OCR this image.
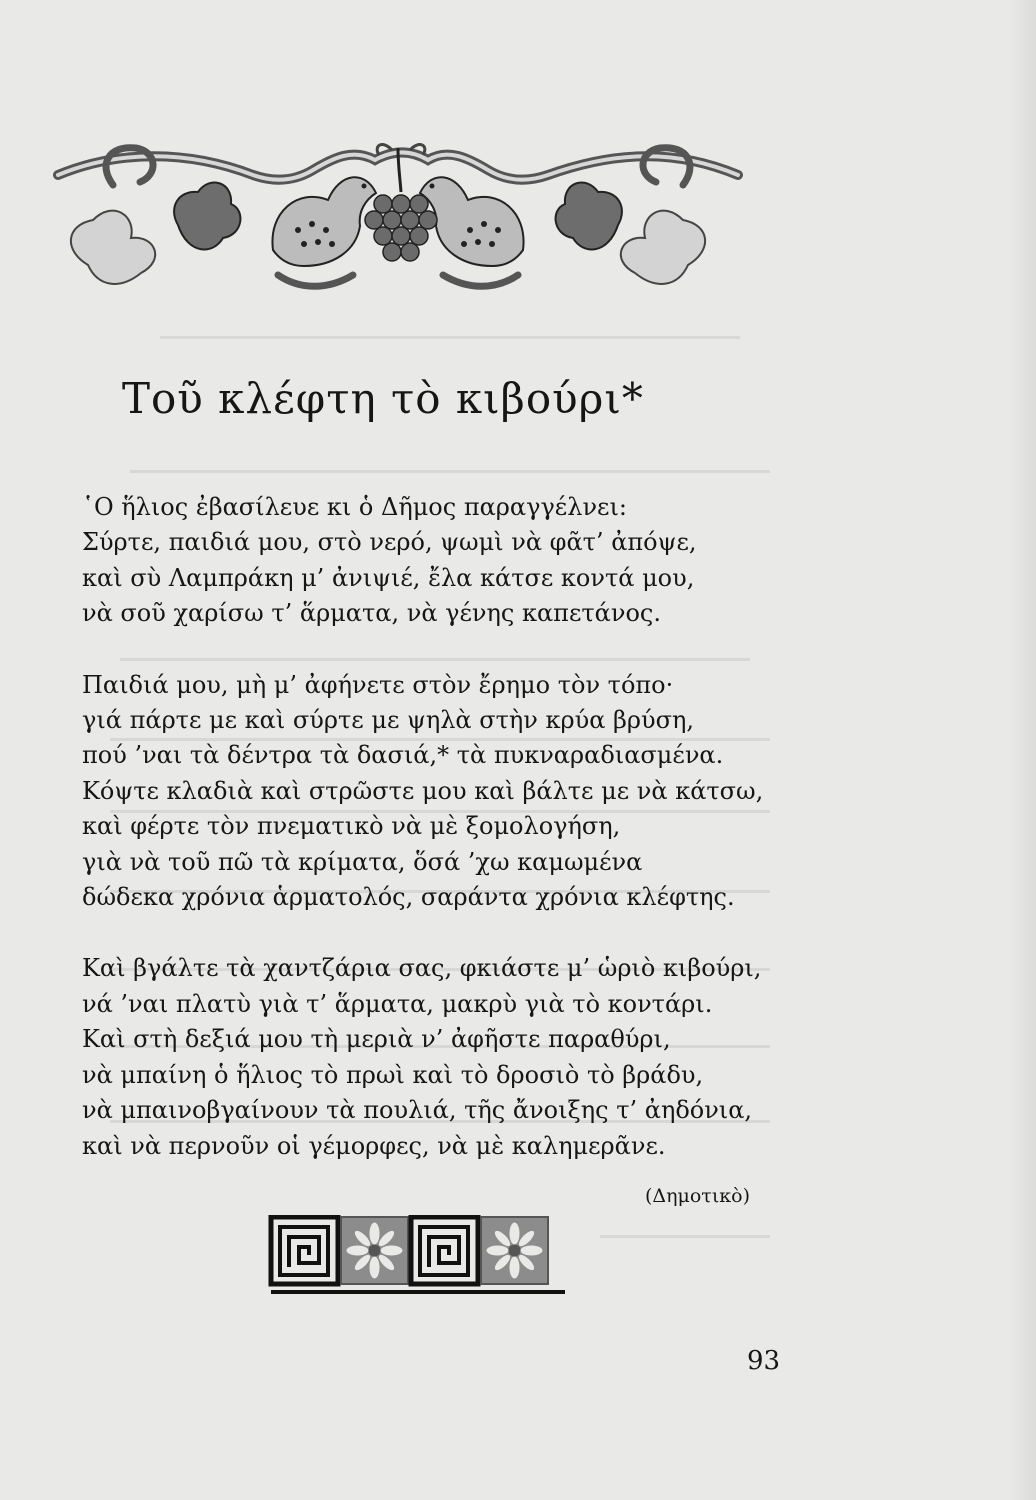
Τοῦ κλέφτη τὸ κιβούρι*
῾Ο ἥλιος ἐβασίλευε κι ὁ Δῆμος παραγγέλνει:
Σύρτε, παιδιά μου, στὸ νερό, ψωμὶ νὰ φᾶτ’ ἀπόψε,
καὶ σὺ Λαμπράκη μ’ ἀνιψιέ, ἔλα κάτσε κοντά μου,
νὰ σοῦ χαρίσω τ’ ἅρματα, νὰ γένης καπετάνος.
Παιδιά μου, μὴ μ’ ἀφήνετε στὸν ἔρημο τὸν τόπο·
γιά πάρτε με καὶ σύρτε με ψηλὰ στὴν κρύα βρύση,
πού ’ναι τὰ δέντρα τὰ δασιά,* τὰ πυκναραδιασμένα.
Κόψτε κλαδιὰ καὶ στρῶστε μου καὶ βάλτε με νὰ κάτσω,
καὶ φέρτε τὸν πνεματικὸ νὰ μὲ ξομολογήση,
γιὰ νὰ τοῦ πῶ τὰ κρίματα, ὅσά ’χω καμωμένα
δώδεκα χρόνια ἁρματολός, σαράντα χρόνια κλέφτης.
Καὶ βγάλτε τὰ χαντζάρια σας, φκιάστε μ’ ὡριὸ κιβούρι,
νά ’ναι πλατὺ γιὰ τ’ ἅρματα, μακρὺ γιὰ τὸ κοντάρι.
Καὶ στὴ δεξιά μου τὴ μεριὰ ν’ ἀφῆστε παραθύρι,
νὰ μπαίνη ὁ ἥλιος τὸ πρωὶ καὶ τὸ δροσιὸ τὸ βράδυ,
νὰ μπαινοβγαίνουν τὰ πουλιά, τῆς ἄνοιξης τ’ ἀηδόνια,
καὶ νὰ περνοῦν οἱ γέμορφες, νὰ μὲ καλημερᾶνε.
(Δημοτικὸ)
93
